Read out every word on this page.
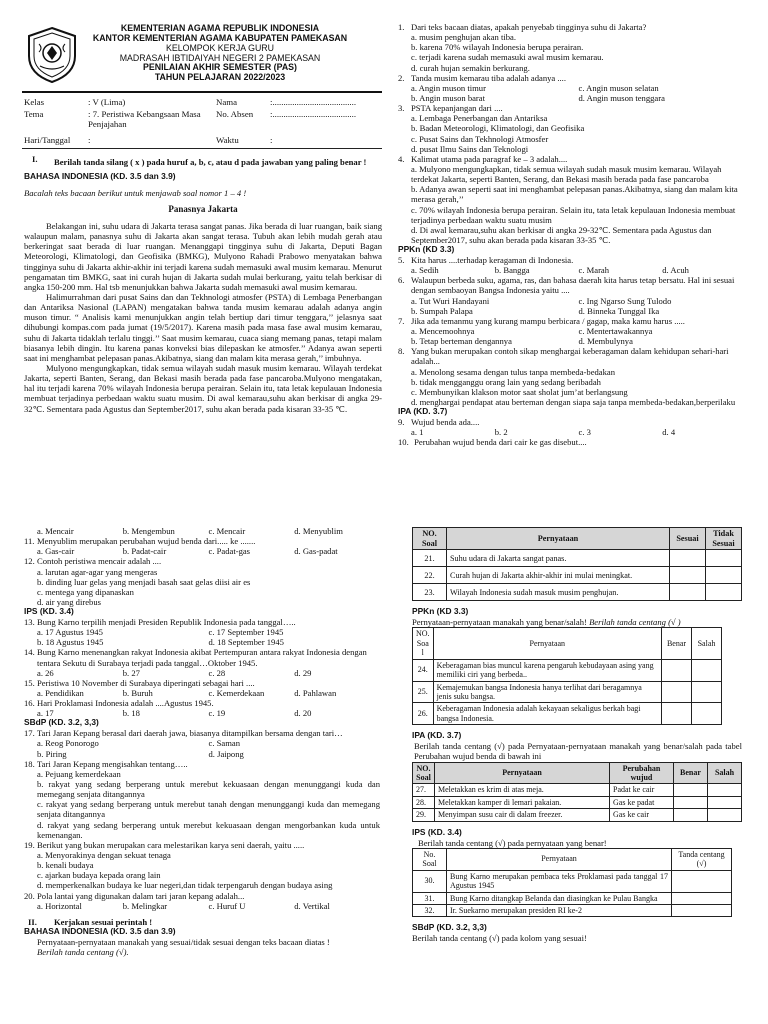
KEMENTERIAN AGAMA REPUBLIK INDONESIA
KANTOR KEMENTERIAN AGAMA KABUPATEN PAMEKASAN
KELOMPOK KERJA GURU
MADRASAH IBTIDAIYAH NEGERI 2 PAMEKASAN
PENILAIAN AKHIR SEMESTER (PAS)
TAHUN PELAJARAN 2022/2023
Kelas	: V (Lima)	Nama	:......................................
Tema	: 7. Peristiwa Kebangsaan Masa Penjajahan
No. Absen :......................................
Hari/Tanggal :	Waktu	:
I.	Berilah tanda silang ( x ) pada huruf a, b, c, atau d pada jawaban yang paling benar !
BAHASA INDONESIA (KD. 3.5 dan 3.9)
Bacalah teks bacaan berikut untuk menjawab soal nomor 1 – 4 !
Panasnya Jakarta
Belakangan ini, suhu udara di Jakarta terasa sangat panas. Jika berada di luar ruangan, baik siang walaupun malam, panasnya suhu di Jakarta akan sangat terasa. Tubuh akan lebih mudah gerah atau berkeringat saat berada di luar ruangan. Menanggapi tingginya suhu di Jakarta, Deputi Bagan Meteorologi, Klimatologi, dan Geofisika (BMKG), Mulyono Rahadi Prabowo menyatakan bahwa tingginya suhu di Jakarta akhir-akhir ini terjadi karena sudah memasuki awal musim kemarau. Menurut pengamatan tim BMKG, saat ini curah hujan di Jakarta sudah mulai berkurang, yaitu telah berkisar di angka 150-200 mm. Hal tsb menunjukkan bahwa Jakarta sudah memasuki awal musim kemarau.
Halimurrahman dari pusat Sains dan dan Tekhnologi atmosfer (PSTA) di Lembaga Penerbangan dan Antariksa Nasional (LAPAN) mengatakan bahwa tanda musim kemarau adalah adanya angin muson timur. “ Analisis kami menunjukkan angin telah bertiup dari timur tenggara,’’ jelasnya saat dihubungi kompas.com pada jumat (19/5/2017). Karena masih pada masa fase awal musim kemarau, suhu di Jakarta tidaklah terlalu tinggi.’’ Saat musim kemarau, cuaca siang memang panas, tetapi malam biasanya lebih dingin. Itu karena panas konveksi bias dilepaskan ke atmosfer.’’ Adanya awan seperti saat ini menghambat pelepasan panas.Akibatnya, siang dan malam kita merasa gerah,’’ imbuhnya.
Mulyono mengungkapkan, tidak semua wilayah sudah masuk musim kemarau. Wilayah terdekat Jakarta, seperti Banten, Serang, dan Bekasi masih berada pada fase pancaroba.Mulyono mengatakan, hal itu terjadi karena 70% wilayah Indonesia berupa perairan. Selain itu, tata letak kepulauan Indonesia membuat terjadinya perbedaan waktu suatu musim. Di awal kemarau,suhu akan berkisar di angka 29-32℃. Sementara pada Agustus dan September2017, suhu akan berada pada kisaran 33-35 ℃.
1. Dari teks bacaan diatas, apakah penyebab tingginya suhu di Jakarta?
a. musim penghujan akan tiba.
b. karena 70% wilayah Indonesia berupa perairan.
c. terjadi karena sudah memasuki awal musim kemarau.
d. curah hujan semakin berkurang.
2. Tanda musim kemarau tiba adalah adanya ....
a. Angin muson timur	c. Angin muson selatan
b. Angin muson barat	d. Angin muson tenggara
3. PSTA kepanjangan dari ....
a. Lembaga Penerbangan dan Antariksa
b. Badan Meteorologi, Klimatologi, dan Geofisika
c. Pusat Sains dan Tekhnologi Atmosfer
d. pusat Ilmu Sains dan Teknologi
4. Kalimat utama pada paragraf ke – 3 adalah....
a. Mulyono mengungkapkan, tidak semua wilayah sudah masuk musim kemarau. Wilayah terdekat Jakarta, seperti Banten, Serang, dan Bekasi masih berada pada fase pancaroba
b. Adanya awan seperti saat ini menghambat pelepasan panas.Akibatnya, siang dan malam kita merasa gerah,’’
c. 70% wilayah Indonesia berupa perairan. Selain itu, tata letak kepulauan Indonesia membuat terjadinya perbedaan waktu suatu musim
d. Di awal kemarau,suhu akan berkisar di angka 29-32℃. Sementara pada Agustus dan September2017, suhu akan berada pada kisaran 33-35 ℃.
PPKn (KD 3.3)
5. Kita harus ....terhadap keragaman di Indonesia.
a. Sedih	b. Bangga	c. Marah	d. Acuh
6. Walaupun berbeda suku, agama, ras, dan bahasa daerah kita harus tetap bersatu. Hal ini sesuai dengan sembaoyan Bangsa Indonesia yaitu ....
a. Tut Wuri Handayani	c. Ing Ngarso Sung Tulodo
b. Sumpah Palapa	d. Binneka Tunggal Ika
7. Jika ada temanmu yang kurang mampu berbicara / gagap, maka kamu harus .....
a. Mencemoohnya	c. Mentertawakannya
b. Tetap berteman dengannya	d. Membulynya
8. Yang bukan merupakan contoh sikap menghargai keberagaman dalam kehidupan sehari-hari adalah...
a. Menolong sesama dengan tulus tanpa membeda-bedakan
b. tidak mengganggu orang lain yang sedang beribadah
c. Membunyikan klakson motor saat sholat jum’at berlangsung
d. menghargai pendapat atau berteman dengan siapa saja tanpa membeda-bedakan,berperilaku
IPA (KD. 3.7)
9. Wujud benda ada....
a. 1	b. 2	c. 3	d. 4
10. Perubahan wujud benda dari cair ke gas disebut....
a. Mencair	b. Mengembun	c. Mencair	d. Menyublim
11. Menyublim merupakan perubahan wujud benda dari..... ke .......
a. Gas-cair	b. Padat-cair	c. Padat-gas	d. Gas-padat
12. Contoh peristiwa mencair adalah ....
a. larutan agar-agar yang mengeras
b. dinding luar gelas yang menjadi basah saat gelas diisi air es
c. mentega yang dipanaskan
d. air yang direbus
IPS (KD. 3.4)
13. Bung Karno terpilih menjadi Presiden Republik Indonesia pada tanggal…..
a. 17 Agustus 1945	c. 17 September 1945
b. 18 Agustus 1945	d. 18 September 1945
14. Bung Karno menenangkan rakyat Indonesia akibat Pertempuran antara rakyat Indonesia dengan tentara Sekutu di Surabaya terjadi pada tanggal…Oktober 1945.
a. 26	b. 27	c. 28	d. 29
15. Peristiwa 10 November di Surabaya diperingati sebagai hari ....
a. Pendidikan	b. Buruh	c. Kemerdekaan	d. Pahlawan
16. Hari Proklamasi Indonesia adalah ....Agustus 1945.
a. 17	b. 18	c. 19	d. 20
SBdP (KD. 3.2, 3,3)
17. Tari Jaran Kepang berasal dari daerah jawa, biasanya ditampilkan bersama dengan tari…
a. Reog Ponorogo	c. Saman
b. Piring	d. Jaipong
18. Tari Jaran Kepang mengisahkan tentang…..
a. Pejuang kemerdekaan
b. rakyat yang sedang berperang untuk merebut kekuasaan dengan menunggangi kuda dan memegang senjata ditangannya
c. rakyat yang sedang berperang untuk merebut tanah dengan menunggangi kuda dan memegang senjata ditangannya
d. rakyat yang sedang berperang untuk merebut kekuasaan dengan mengorbankan kuda untuk kemenangan.
19. Berikut yang bukan merupakan cara melestarikan karya seni daerah, yaitu .....
a. Menyorakinya dengan sekuat tenaga
b. kenali budaya
c. ajarkan budaya kepada orang lain
d. memperkenalkan budaya ke luar negeri,dan tidak terpengaruh dengan budaya asing
20. Pola lantai yang digunakan dalam tari jaran kepang adalah...
a. Horizontal	b. Melingkar	c. Huruf U	d. Vertikal
II.	Kerjakan sesuai perintah !
BAHASA INDONESIA (KD. 3.5 dan 3.9)
Pernyataan-pernyataan manakah yang sesuai/tidak sesuai dengan teks bacaan diatas !
Berilah tanda centang (√).
NO. Soal	Pernyataan	Sesuai	Tidak Sesuai
21.	Suhu udara di Jakarta sangat panas.		
22.	Curah hujan di Jakarta akhir-akhir ini mulai meningkat.		
23.	Wilayah Indonesia sudah masuk musim penghujan.		
PPKn (KD 3.3)
Pernyataan-pernyataan manakah yang benar/salah! Berilah tanda centang (√ )
NO. Soa l	Pernyataan	Benar	Salah
24.	Keberagaman bias muncul karena pengaruh kebudayaan asing yang memiliki ciri yang berbeda..		
25.	Kemajemukan bangsa Indonesia hanya terlihat dari beragamnya jenis suku bangsa.		
26.	Keberagaman Indonesia adalah kekayaan sekaligus berkah bagi bangsa Indonesia.		
IPA (KD. 3.7)
Berilah tanda centang (√) pada Pernyataan-pernyataan manakah yang benar/salah pada tabel Perubahan wujud benda di bawah ini
NO. Soal	Pernyataan	Perubahan wujud	Benar	Salah
27.	Meletakkan es krim di atas meja.	Padat ke cair		
28.	Meletakkan kamper di lemari pakaian.	Gas ke padat		
29.	Menyimpan susu cair di dalam freezer.	Gas ke cair		
IPS (KD. 3.4)
Berilah tanda centang (√) pada pernyataan yang benar!
No. Soal	Pernyataan	Tanda centang (√)
30.	Bung Karno merupakan pembaca teks Proklamasi pada tanggal 17 Agustus 1945	
31.	Bung Karno ditangkap Belanda dan diasingkan ke Pulau Bangka	
32.	Ir. Suekarno merupakan presiden RI ke-2	
SBdP (KD. 3.2, 3,3)
Berilah tanda centang (√) pada kolom yang sesuai!
